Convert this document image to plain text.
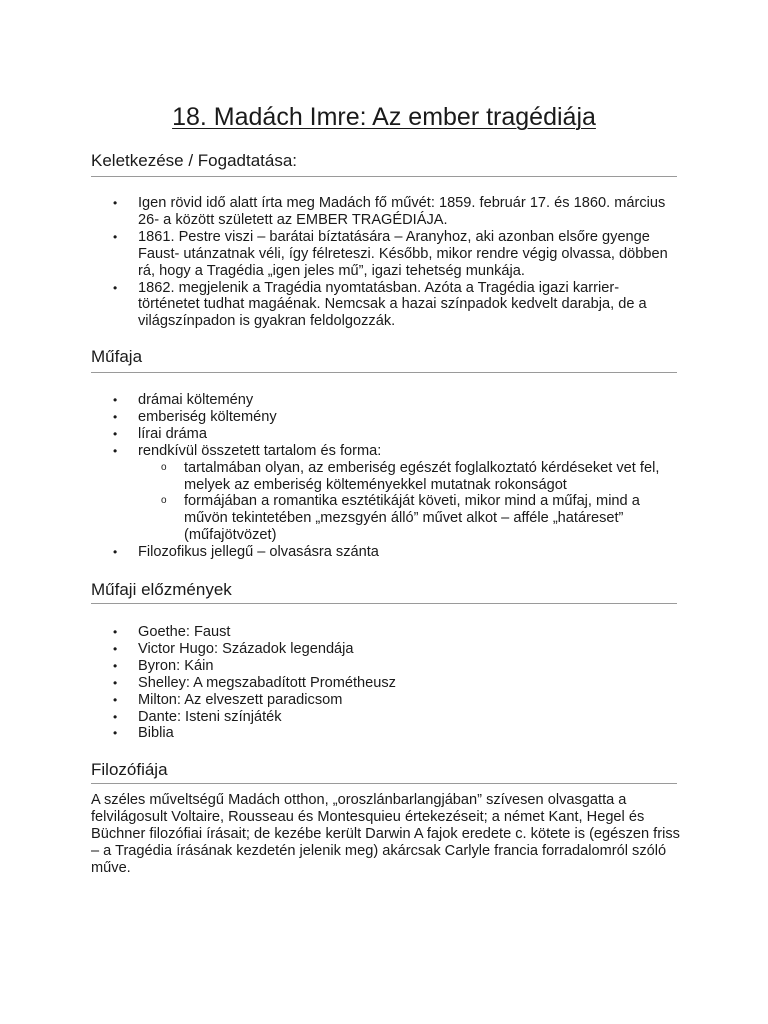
18. Madách Imre: Az ember tragédiája
Keletkezése / Fogadtatása:
• Igen rövid idő alatt írta meg Madách fő művét: 1859. február 17. és 1860. március 26- a között született az EMBER TRAGÉDIÁJA.
• 1861. Pestre viszi – barátai bíztatására – Aranyhoz, aki azonban elsőre gyenge Faust- utánzatnak véli, így félreteszi. Később, mikor rendre végig olvassa, döbben rá, hogy a Tragédia „igen jeles mű”, igazi tehetség munkája.
• 1862. megjelenik a Tragédia nyomtatásban. Azóta a Tragédia igazi karrier-történetet tudhat magáénak. Nemcsak a hazai színpadok kedvelt darabja, de a világszínpadon is gyakran feldolgozzák.
Műfaja
• drámai költemény
• emberiség költemény
• lírai dráma
• rendkívül összetett tartalom és forma:
o tartalmában olyan, az emberiség egészét foglalkoztató kérdéseket vet fel, melyek az emberiség költeményekkel mutatnak rokonságot
o formájában a romantika esztétikáját követi, mikor mind a műfaj, mind a művön tekintetében „mezsgyén álló” művet alkot – afféle „határeset” (műfajötvözet)
• Filozofikus jellegű – olvasásra szánta
Műfaji előzmények
• Goethe: Faust
• Victor Hugo: Századok legendája
• Byron: Káin
• Shelley: A megszabadított Prométheusz
• Milton: Az elveszett paradicsom
• Dante: Isteni színjáték
• Biblia
Filozófiája

A széles műveltségű Madách otthon, „oroszlánbarlangjában” szívesen olvasgatta a felvilágosult Voltaire, Rousseau és Montesquieu értekezéseit; a német Kant, Hegel és Büchner filozófiai írásait; de kezébe került Darwin A fajok eredete c. kötete is (egészen friss – a Tragédia írásának kezdetén jelenik meg) akárcsak Carlyle francia forradalomról szóló műve.
